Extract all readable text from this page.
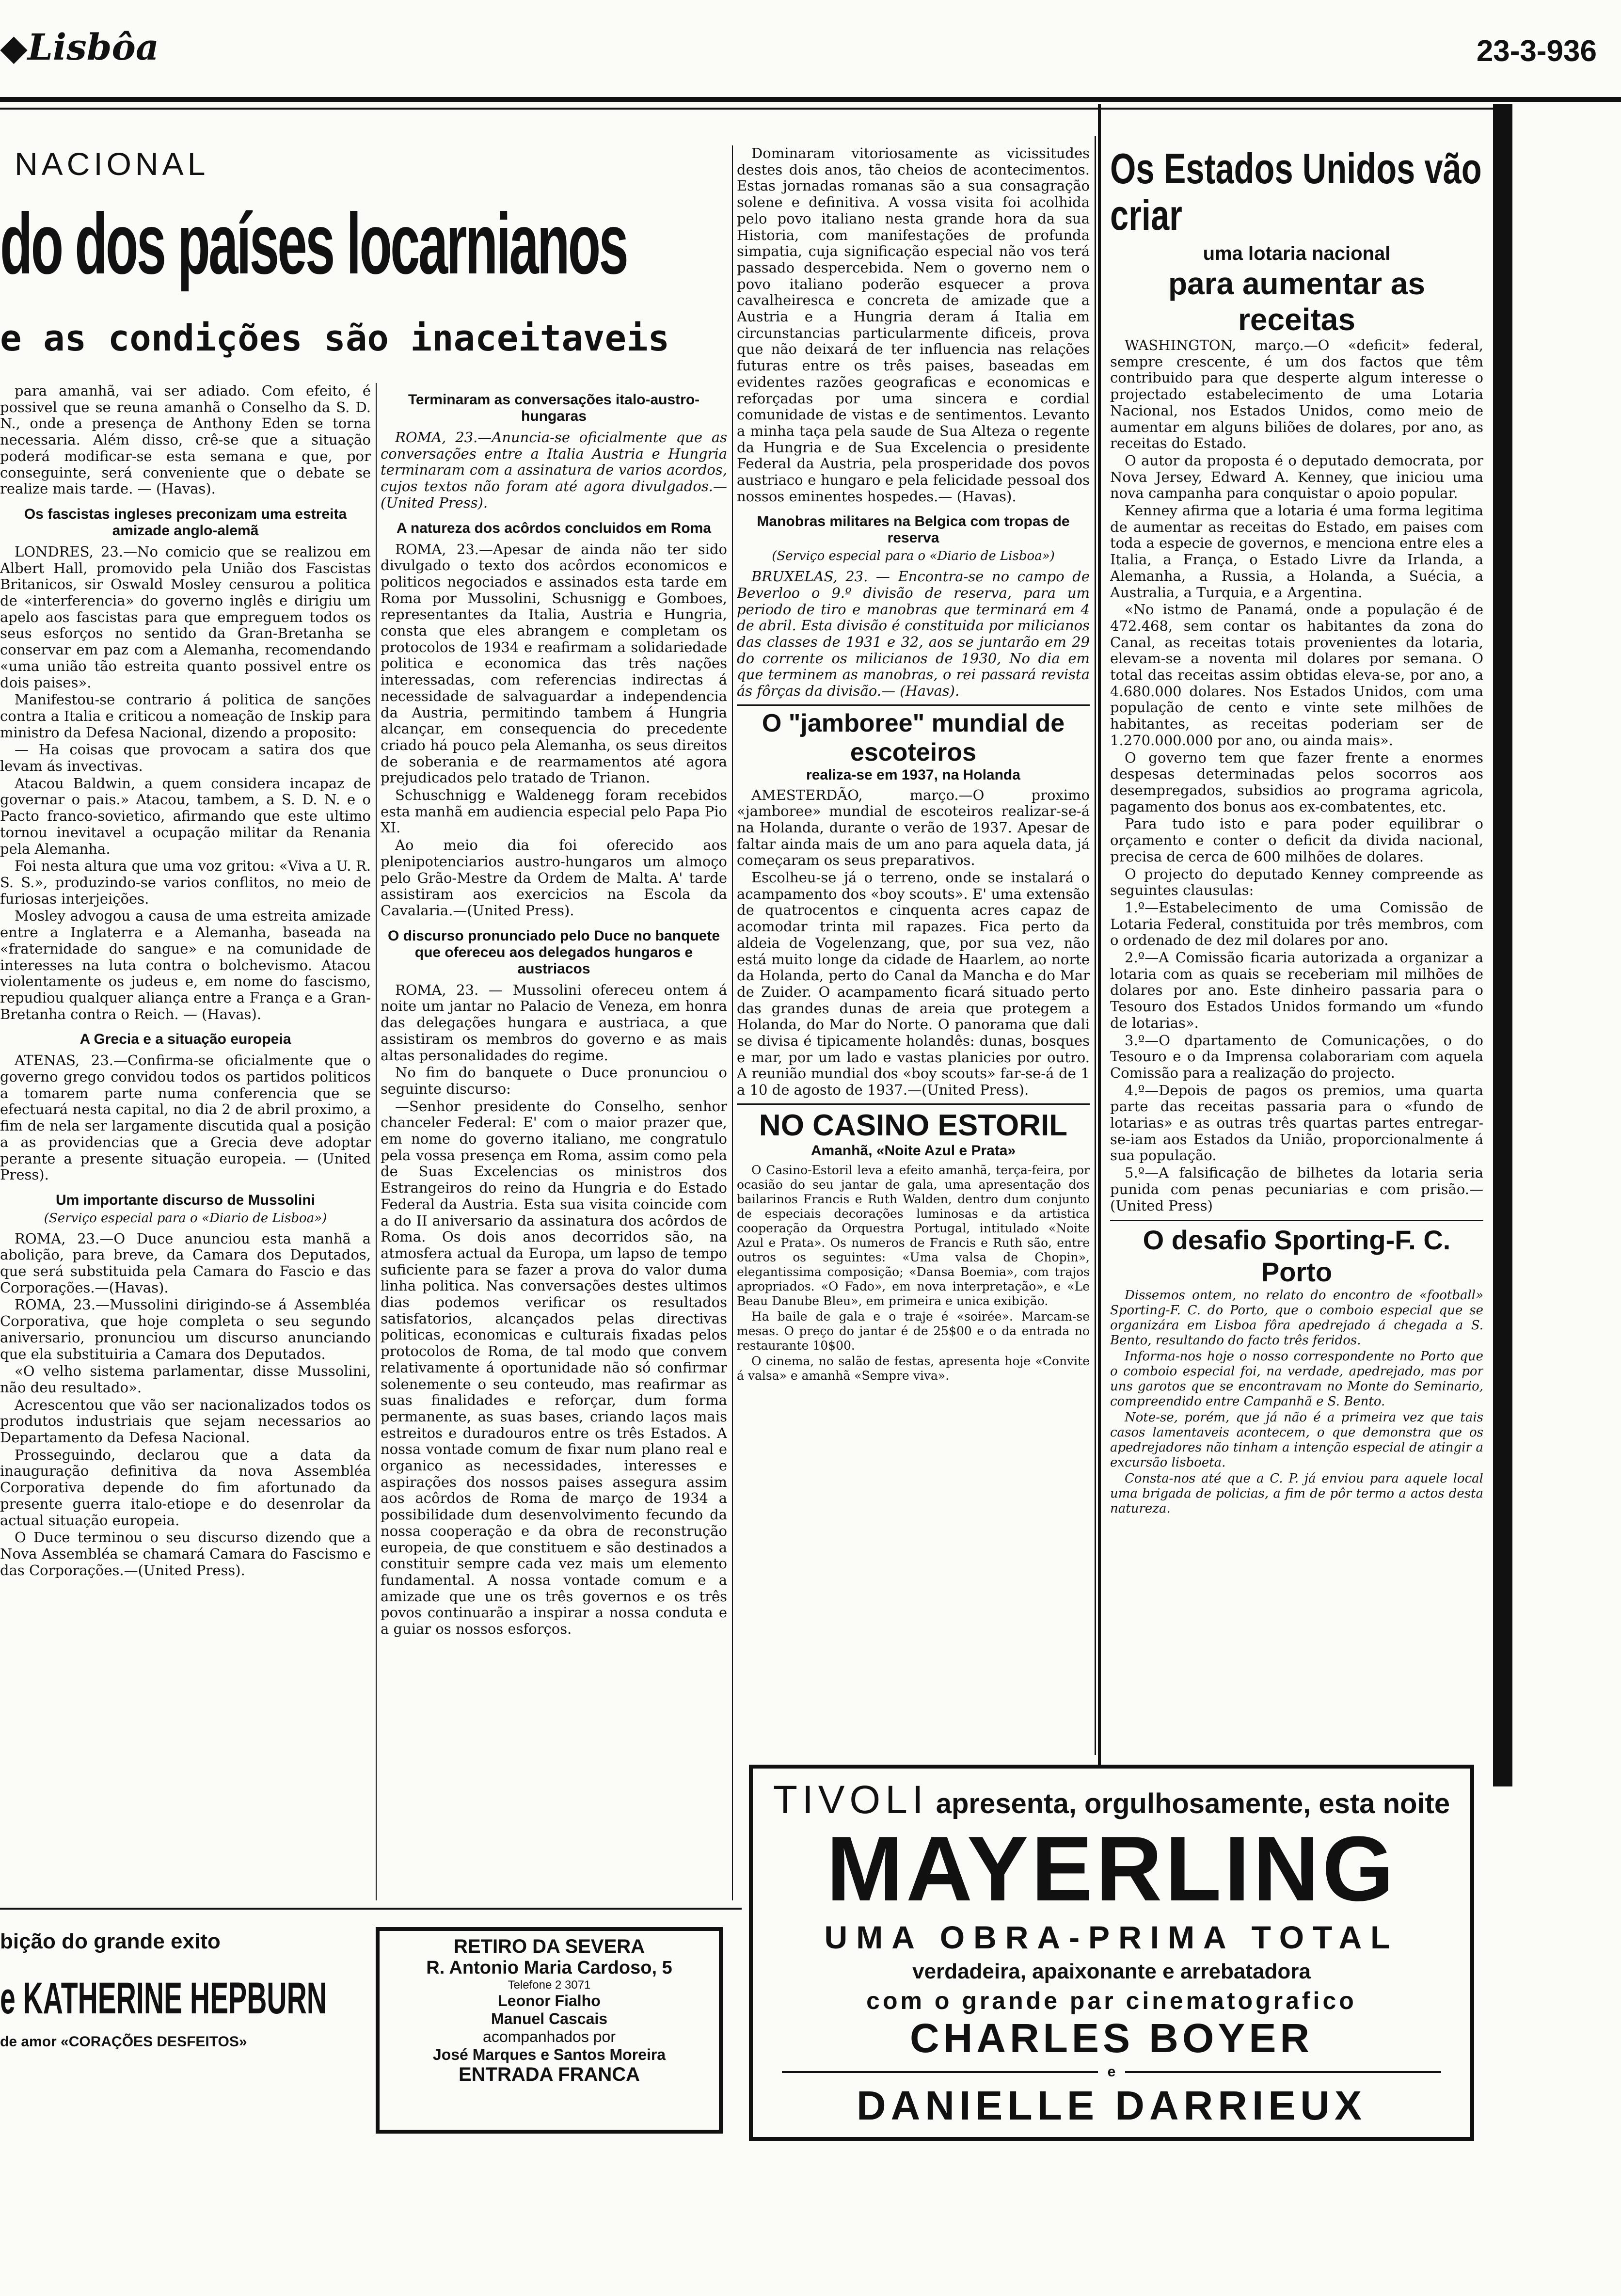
◆Lisbôa	23-3-936
NACIONAL
do dos países locarnianos
e as condições são inaceitaveis

para amanhã, vai ser adiado. Com efeito, é possivel que se reuna amanhã o Conselho da S. D. N., onde a presença de Anthony Eden se torna necessaria. Além disso, crê-se que a situação poderá modificar-se esta semana e que, por conseguinte, será conveniente que o debate se realize mais tarde. — (Havas).

Os fascistas ingleses preconizam uma estreita amizade anglo-alemã

LONDRES, 23.—No comicio que se realizou em Albert Hall, promovido pela União dos Fascistas Britanicos, sir Oswald Mosley censurou a politica de «interferencia» do governo inglês e dirigiu um apelo aos fascistas para que empreguem todos os seus esforços no sentido da Gran-Bretanha se conservar em paz com a Alemanha, recomendando «uma união tão estreita quanto possivel entre os dois paises».

Manifestou-se contrario á politica de sanções contra a Italia e criticou a nomeação de Inskip para ministro da Defesa Nacional, dizendo a proposito:

— Ha coisas que provocam a satira dos que levam ás invectivas.

Atacou Baldwin, a quem considera incapaz de governar o pais.» Atacou, tambem, a S. D. N. e o Pacto franco-sovietico, afirmando que este ultimo tornou inevitavel a ocupação militar da Renania pela Alemanha.

Foi nesta altura que uma voz gritou: «Viva a U. R. S. S.», produzindo-se varios conflitos, no meio de furiosas interjeições.

Mosley advogou a causa de uma estreita amizade entre a Inglaterra e a Alemanha, baseada na «fraternidade do sangue» e na comunidade de interesses na luta contra o bolchevismo. Atacou violentamente os judeus e, em nome do fascismo, repudiou qualquer aliança entre a França e a Gran-Bretanha contra o Reich. — (Havas).

A Grecia e a situação europeia

ATENAS, 23.—Confirma-se oficialmente que o governo grego convidou todos os partidos politicos a tomarem parte numa conferencia que se efectuará nesta capital, no dia 2 de abril proximo, a fim de nela ser largamente discutida qual a posição a as providencias que a Grecia deve adoptar perante a presente situação europeia. — (United Press).

Um importante discurso de Mussolini
(Serviço especial para o «Diario de Lisboa»)

ROMA, 23.—O Duce anunciou esta manhã a abolição, para breve, da Camara dos Deputados, que será substituida pela Camara do Fascio e das Corporações.—(Havas).

ROMA, 23.—Mussolini dirigindo-se á Assembléa Corporativa, que hoje completa o seu segundo aniversario, pronunciou um discurso anunciando que ela substituiria a Camara dos Deputados.

«O velho sistema parlamentar, disse Mussolini, não deu resultado».

Acrescentou que vão ser nacionalizados todos os produtos industriais que sejam necessarios ao Departamento da Defesa Nacional.

Prosseguindo, declarou que a data da inauguração definitiva da nova Assembléa Corporativa depende do fim afortunado da presente guerra italo-etiope e do desenrolar da actual situação europeia.

O Duce terminou o seu discurso dizendo que a Nova Assembléa se chamará Camara do Fascismo e das Corporações.—(United Press).

Terminaram as conversações italo-austro-hungaras

ROMA, 23.—Anuncia-se oficialmente que as conversações entre a Italia Austria e Hungria terminaram com a assinatura de varios acordos, cujos textos não foram até agora divulgados.—(United Press).

A natureza dos acôrdos concluidos em Roma

ROMA, 23.—Apesar de ainda não ter sido divulgado o texto dos acôrdos economicos e politicos negociados e assinados esta tarde em Roma por Mussolini, Schusnigg e Gomboes, representantes da Italia, Austria e Hungria, consta que eles abrangem e completam os protocolos de 1934 e reafirmam a solidariedade politica e economica das três nações interessadas, com referencias indirectas á necessidade de salvaguardar a independencia da Austria, permitindo tambem á Hungria alcançar, em consequencia do precedente criado há pouco pela Alemanha, os seus direitos de soberania e de rearmamentos até agora prejudicados pelo tratado de Trianon.

Schuschnigg e Waldenegg foram recebidos esta manhã em audiencia especial pelo Papa Pio XI.

Ao meio dia foi oferecido aos plenipotenciarios austro-hungaros um almoço pelo Grão-Mestre da Ordem de Malta. A' tarde assistiram aos exercicios na Escola da Cavalaria.—(United Press).

O discurso pronunciado pelo Duce no banquete que ofereceu aos delegados hungaros e austriacos

ROMA, 23. — Mussolini ofereceu ontem á noite um jantar no Palacio de Veneza, em honra das delegações hungara e austriaca, a que assistiram os membros do governo e as mais altas personalidades do regime.

No fim do banquete o Duce pronunciou o seguinte discurso:

—Senhor presidente do Conselho, senhor chanceler Federal: E' com o maior prazer que, em nome do governo italiano, me congratulo pela vossa presença em Roma, assim como pela de Suas Excelencias os ministros dos Estrangeiros do reino da Hungria e do Estado Federal da Austria. Esta sua visita coincide com a do II aniversario da assinatura dos acôrdos de Roma. Os dois anos decorridos são, na atmosfera actual da Europa, um lapso de tempo suficiente para se fazer a prova do valor duma linha politica. Nas conversações destes ultimos dias podemos verificar os resultados satisfatorios, alcançados pelas directivas politicas, economicas e culturais fixadas pelos protocolos de Roma, de tal modo que convem relativamente á oportunidade não só confirmar solenemente o seu conteudo, mas reafirmar as suas finalidades e reforçar, dum forma permanente, as suas bases, criando laços mais estreitos e duradouros entre os três Estados. A nossa vontade comum de fixar num plano real e organico as necessidades, interesses e aspirações dos nossos paises assegura assim aos acôrdos de Roma de março de 1934 a possibilidade dum desenvolvimento fecundo da nossa cooperação e da obra de reconstrução europeia, de que constituem e são destinados a constituir sempre cada vez mais um elemento fundamental. A nossa vontade comum e a amizade que une os três governos e os três povos continuarão a inspirar a nossa conduta e a guiar os nossos esforços.

Dominaram vitoriosamente as vicissitudes destes dois anos, tão cheios de acontecimentos. Estas jornadas romanas são a sua consagração solene e definitiva. A vossa visita foi acolhida pelo povo italiano nesta grande hora da sua Historia, com manifestações de profunda simpatia, cuja significação especial não vos terá passado despercebida. Nem o governo nem o povo italiano poderão esquecer a prova cavalheiresca e concreta de amizade que a Austria e a Hungria deram á Italia em circunstancias particularmente dificeis, prova que não deixará de ter influencia nas relações futuras entre os três paises, baseadas em evidentes razões geograficas e economicas e reforçadas por uma sincera e cordial comunidade de vistas e de sentimentos. Levanto a minha taça pela saude de Sua Alteza o regente da Hungria e de Sua Excelencia o presidente Federal da Austria, pela prosperidade dos povos austriaco e hungaro e pela felicidade pessoal dos nossos eminentes hospedes.— (Havas).

Manobras militares na Belgica com tropas de reserva
(Serviço especial para o «Diario de Lisboa»)

BRUXELAS, 23. — Encontra-se no campo de Beverloo o 9.º divisão de reserva, para um periodo de tiro e manobras que terminará em 4 de abril. Esta divisão é constituida por milicianos das classes de 1931 e 32, aos se juntarão em 29 do corrente os milicianos de 1930, No dia em que terminem as manobras, o rei passará revista ás fôrças da divisão.— (Havas).

O "jamboree" mundial de escoteiros
realiza-se em 1937, na Holanda

AMESTERDÃO, março.—O proximo «jamboree» mundial de escoteiros realizar-se-á na Holanda, durante o verão de 1937. Apesar de faltar ainda mais de um ano para aquela data, já começaram os seus preparativos.

Escolheu-se já o terreno, onde se instalará o acampamento dos «boy scouts». E' uma extensão de quatrocentos e cinquenta acres capaz de acomodar trinta mil rapazes. Fica perto da aldeia de Vogelenzang, que, por sua vez, não está muito longe da cidade de Haarlem, ao norte da Holanda, perto do Canal da Mancha e do Mar de Zuider. O acampamento ficará situado perto das grandes dunas de areia que protegem a Holanda, do Mar do Norte. O panorama que dali se divisa é tipicamente holandês: dunas, bosques e mar, por um lado e vastas planicies por outro. A reunião mundial dos «boy scouts» far-se-á de 1 a 10 de agosto de 1937.—(United Press).

NO CASINO ESTORIL
Amanhã, «Noite Azul e Prata»

O Casino-Estoril leva a efeito amanhã, terça-feira, por ocasião do seu jantar de gala, uma apresentação dos bailarinos Francis e Ruth Walden, dentro dum conjunto de especiais decorações luminosas e da artistica cooperação da Orquestra Portugal, intitulado «Noite Azul e Prata». Os numeros de Francis e Ruth são, entre outros os seguintes: «Uma valsa de Chopin», elegantissima composição; «Dansa Boemia», com trajos apropriados. «O Fado», em nova interpretação», e «Le Beau Danube Bleu», em primeira e unica exibição.

Ha baile de gala e o traje é «soirée». Marcam-se mesas. O preço do jantar é de 25$00 e o da entrada no restaurante 10$00.

O cinema, no salão de festas, apresenta hoje «Convite á valsa» e amanhã «Sempre viva».

Os Estados Unidos vão criar
uma lotaria nacional
para aumentar as receitas

WASHINGTON, março.—O «deficit» federal, sempre crescente, é um dos factos que têm contribuido para que desperte algum interesse o projectado estabelecimento de uma Lotaria Nacional, nos Estados Unidos, como meio de aumentar em alguns biliões de dolares, por ano, as receitas do Estado.

O autor da proposta é o deputado democrata, por Nova Jersey, Edward A. Kenney, que iniciou uma nova campanha para conquistar o apoio popular.

Kenney afirma que a lotaria é uma forma legitima de aumentar as receitas do Estado, em paises com toda a especie de governos, e menciona entre eles a Italia, a França, o Estado Livre da Irlanda, a Alemanha, a Russia, a Holanda, a Suécia, a Australia, a Turquia, e a Argentina.

«No istmo de Panamá, onde a população é de 472.468, sem contar os habitantes da zona do Canal, as receitas totais provenientes da lotaria, elevam-se a noventa mil dolares por semana. O total das receitas assim obtidas eleva-se, por ano, a 4.680.000 dolares. Nos Estados Unidos, com uma população de cento e vinte sete milhões de habitantes, as receitas poderiam ser de 1.270.000.000 por ano, ou ainda mais».

O governo tem que fazer frente a enormes despesas determinadas pelos socorros aos desempregados, subsidios ao programa agricola, pagamento dos bonus aos ex-combatentes, etc.

Para tudo isto e para poder equilibrar o orçamento e conter o deficit da divida nacional, precisa de cerca de 600 milhões de dolares.

O projecto do deputado Kenney compreende as seguintes clausulas:

1.º—Estabelecimento de uma Comissão de Lotaria Federal, constituida por três membros, com o ordenado de dez mil dolares por ano.

2.º—A Comissão ficaria autorizada a organizar a lotaria com as quais se receberiam mil milhões de dolares por ano. Este dinheiro passaria para o Tesouro dos Estados Unidos formando um «fundo de lotarias».

3.º—O dpartamento de Comunicações, o do Tesouro e o da Imprensa colaborariam com aquela Comissão para a realização do projecto.

4.º—Depois de pagos os premios, uma quarta parte das receitas passaria para o «fundo de lotarias» e as outras três quartas partes entregar-se-iam aos Estados da União, proporcionalmente á sua população.

5.º—A falsificação de bilhetes da lotaria seria punida com penas pecuniarias e com prisão.—(United Press)

O desafio Sporting-F. C. Porto

Dissemos ontem, no relato do encontro de «football» Sporting-F. C. do Porto, que o comboio especial que se organizára em Lisboa fôra apedrejado á chegada a S. Bento, resultando do facto três feridos.

Informa-nos hoje o nosso correspondente no Porto que o comboio especial foi, na verdade, apedrejado, mas por uns garotos que se encontravam no Monte do Seminario, compreendido entre Campanhã e S. Bento.

Note-se, porém, que já não é a primeira vez que tais casos lamentaveis acontecem, o que demonstra que os apedrejadores não tinham a intenção especial de atingir a excursão lisboeta.

Consta-nos até que a C. P. já enviou para aquele local uma brigada de policias, a fim de pôr termo a actos desta natureza.

bição do grande exito
e KATHERINE HEPBURN
de amor «CORAÇÕES DESFEITOS»
RETIRO DA SEVERA
R. Antonio Maria Cardoso, 5
Telefone 2 3071
Leonor Fialho
Manuel Cascais
acompanhados por
José Marques e Santos Moreira
ENTRADA FRANCA
TIVOLI apresenta, orgulhosamente, esta noite
MAYERLING
UMA OBRA-PRIMA TOTAL
verdadeira, apaixonante e arrebatadora
com o grande par cinematografico
CHARLES BOYER
e
DANIELLE DARRIEUX
